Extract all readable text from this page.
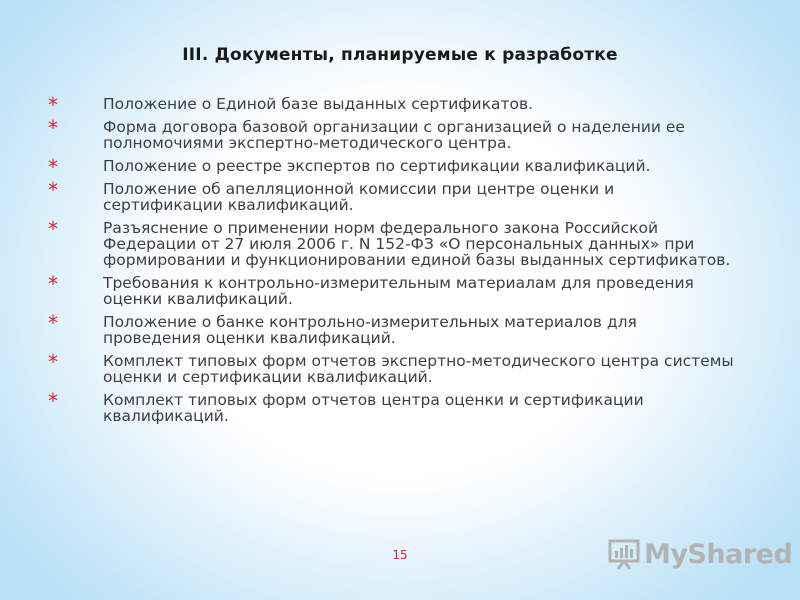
III. Документы, планируемые к разработке
*	Положение о Единой базе выданных сертификатов.
*	Форма договора базовой организации с организацией о наделении ее полномочиями экспертно-методического центра.
*	Положение о реестре экспертов по сертификации квалификаций.
*	Положение об апелляционной комиссии при центре оценки и сертификации квалификаций.
*	Разъяснение о применении норм федерального закона Российской Федерации от 27 июля 2006 г. N 152-ФЗ «О персональных данных» при формировании и функционировании единой базы выданных сертификатов.
*	Требования к контрольно-измерительным материалам для проведения оценки квалификаций.
*	Положение о банке контрольно-измерительных материалов для проведения оценки квалификаций.
*	Комплект типовых форм отчетов экспертно-методического центра системы оценки и сертификации квалификаций.
*	Комплект типовых форм отчетов центра оценки и сертификации квалификаций.
15	MyShared
